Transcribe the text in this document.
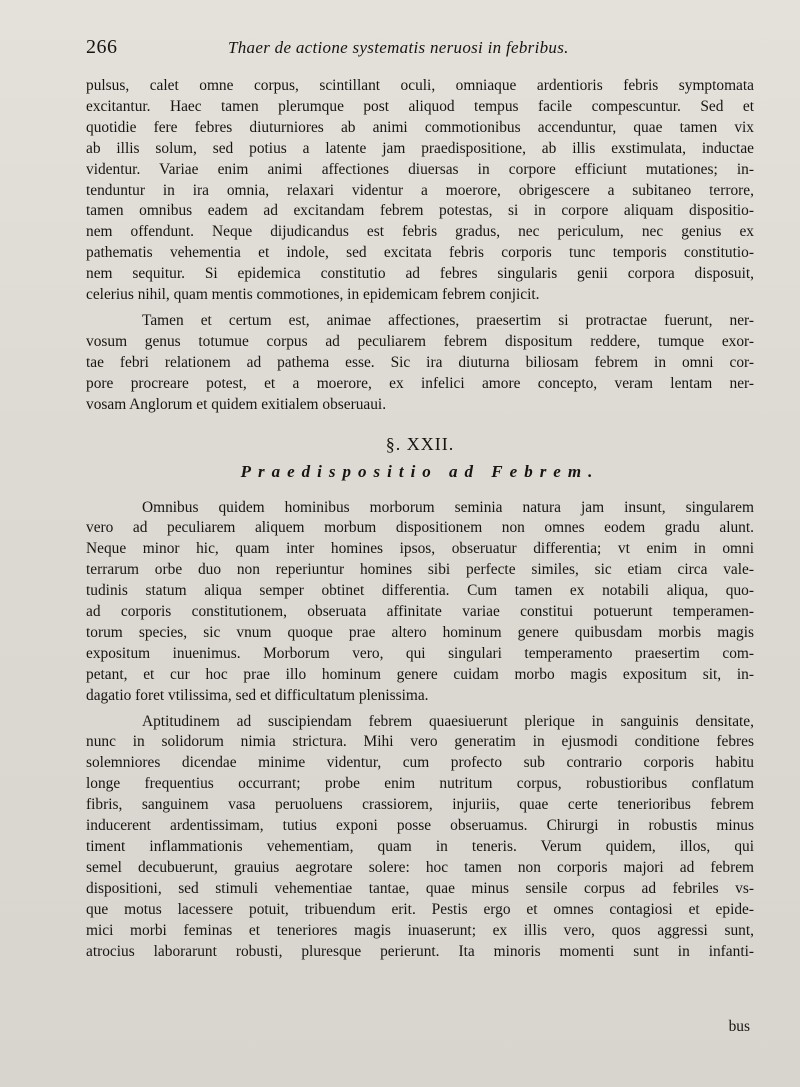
266	Thaer de actione systematis neruosi in febribus.

pulsus, calet omne corpus, scintillant oculi, omniaque ardentioris febris symptomata
excitantur. Haec tamen plerumque post aliquod tempus facile compescuntur. Sed et
quotidie fere febres diuturniores ab animi commotionibus accenduntur, quae tamen vix
ab illis solum, sed potius a latente jam praedispositione, ab illis exstimulata, inductae
videntur. Variae enim animi affectiones diuersas in corpore efficiunt mutationes; in-
tenduntur in ira omnia, relaxari videntur a moerore, obrigescere a subitaneo terrore,
tamen omnibus eadem ad excitandam febrem potestas, si in corpore aliquam dispositio-
nem offendunt. Neque dijudicandus est febris gradus, nec periculum, nec genius ex
pathematis vehementia et indole, sed excitata febris corporis tunc temporis constitutio-
nem sequitur. Si epidemica constitutio ad febres singularis genii corpora disposuit,
celerius nihil, quam mentis commotiones, in epidemicam febrem conjicit.

Tamen et certum est, animae affectiones, praesertim si protractae fuerunt, ner-
vosum genus totumue corpus ad peculiarem febrem dispositum reddere, tumque exor-
tae febri relationem ad pathema esse. Sic ira diuturna biliosam febrem in omni cor-
pore procreare potest, et a moerore, ex infelici amore concepto, veram lentam ner-
vosam Anglorum et quidem exitialem obseruaui.

§. XXII.
Praedispositio ad Febrem.

Omnibus quidem hominibus morborum seminia natura jam insunt, singularem
vero ad peculiarem aliquem morbum dispositionem non omnes eodem gradu alunt.
Neque minor hic, quam inter homines ipsos, obseruatur differentia; vt enim in omni
terrarum orbe duo non reperiuntur homines sibi perfecte similes, sic etiam circa vale-
tudinis statum aliqua semper obtinet differentia. Cum tamen ex notabili aliqua, quo-
ad corporis constitutionem, obseruata affinitate variae constitui potuerunt temperamen-
torum species, sic vnum quoque prae altero hominum genere quibusdam morbis magis
expositum inuenimus. Morborum vero, qui singulari temperamento praesertim com-
petant, et cur hoc prae illo hominum genere cuidam morbo magis expositum sit, in-
dagatio foret vtilissima, sed et difficultatum plenissima.

Aptitudinem ad suscipiendam febrem quaesiuerunt plerique in sanguinis densitate,
nunc in solidorum nimia strictura. Mihi vero generatim in ejusmodi conditione febres
solemniores dicendae minime videntur, cum profecto sub contrario corporis habitu
longe frequentius occurrant; probe enim nutritum corpus, robustioribus conflatum
fibris, sanguinem vasa peruoluens crassiorem, injuriis, quae certe tenerioribus febrem
inducerent ardentissimam, tutius exponi posse obseruamus. Chirurgi in robustis minus
timent inflammationis vehementiam, quam in teneris. Verum quidem, illos, qui
semel decubuerunt, grauius aegrotare solere: hoc tamen non corporis majori ad febrem
dispositioni, sed stimuli vehementiae tantae, quae minus sensile corpus ad febriles vs-
que motus lacessere potuit, tribuendum erit. Pestis ergo et omnes contagiosi et epide-
mici morbi feminas et teneriores magis inuaserunt; ex illis vero, quos aggressi sunt,
atrocius laborarunt robusti, pluresque perierunt. Ita minoris momenti sunt in infanti-

bus
